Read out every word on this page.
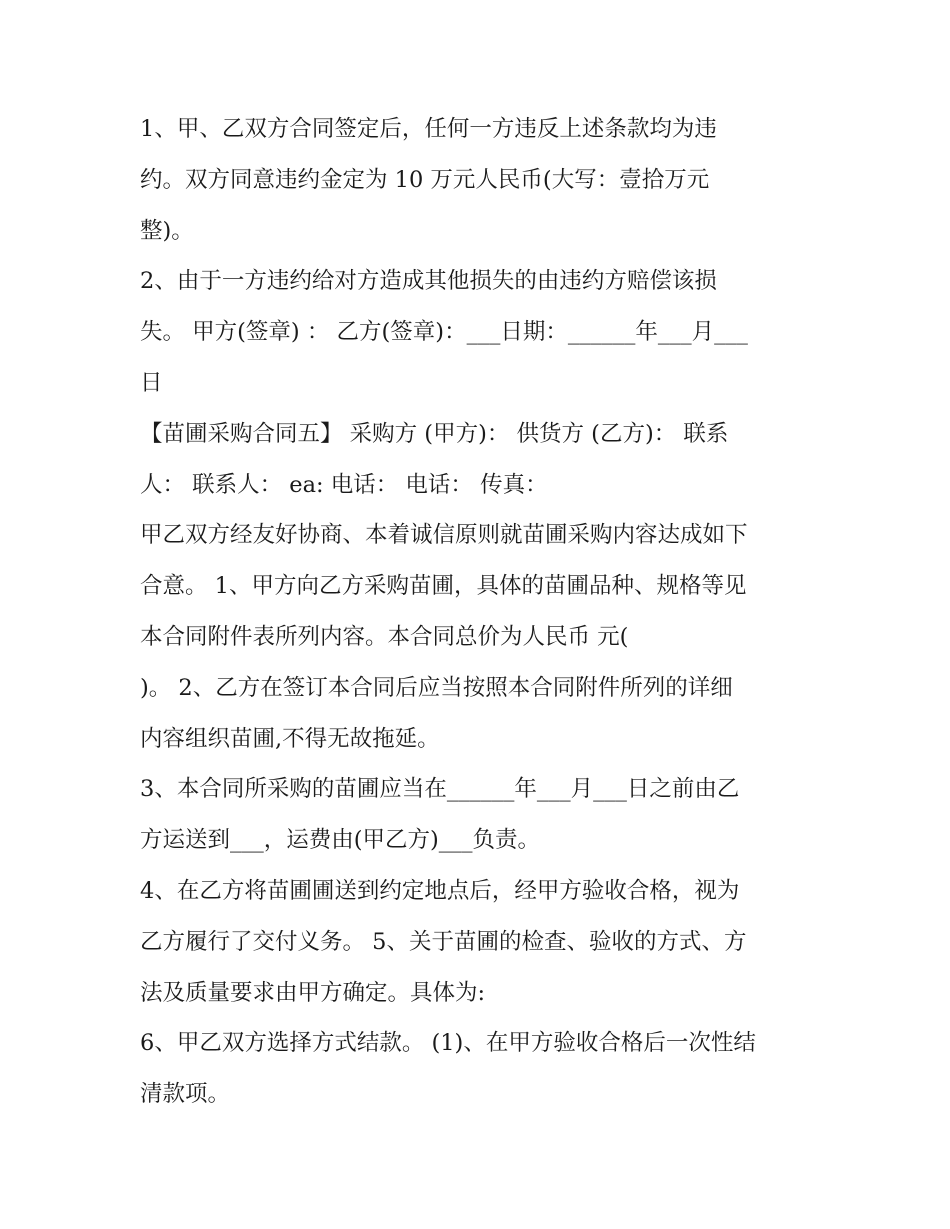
1、甲、乙双方合同签定后，任何一方违反上述条款均为违
约。双方同意违约金定为 10 万元人民币(大写：壹拾万元
整)。
2、由于一方违约给对方造成其他损失的由违约方赔偿该损
失。 甲方(签章) ： 乙方(签章)：___日期：______年___月___
日
【苗圃采购合同五】 采购方 (甲方)： 供货方 (乙方)： 联系
人： 联系人： ea: 电话： 电话： 传真：
甲乙双方经友好协商、本着诚信原则就苗圃采购内容达成如下
合意。 1、甲方向乙方采购苗圃，具体的苗圃品种、规格等见
本合同附件表所列内容。本合同总价为人民币 元(
)。 2、乙方在签订本合同后应当按照本合同附件所列的详细
内容组织苗圃,不得无故拖延。
3、本合同所采购的苗圃应当在______年___月___日之前由乙
方运送到___，运费由(甲乙方)___负责。
4、在乙方将苗圃圃送到约定地点后，经甲方验收合格，视为
乙方履行了交付义务。 5、关于苗圃的检查、验收的方式、方
法及质量要求由甲方确定。具体为:
6、甲乙双方选择方式结款。 (1)、在甲方验收合格后一次性结
清款项。
